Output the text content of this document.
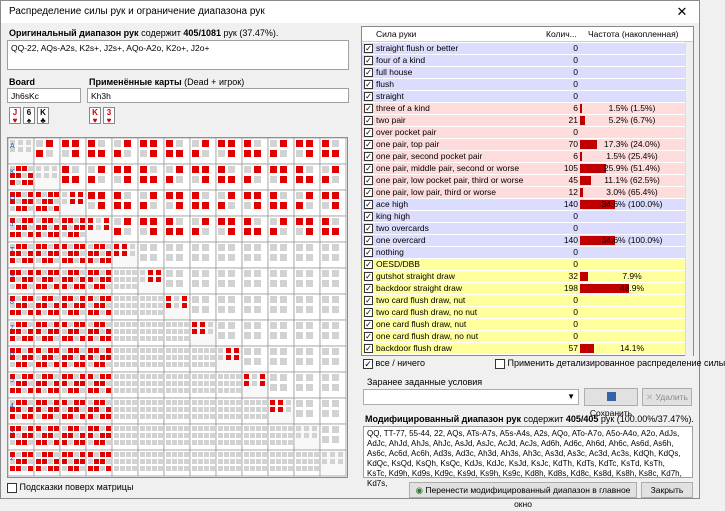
Распределение силы рук и ограничение диапазона рук	✕
Оригинальный диапазон рук содержит 405/1081 рук (37.47%).
QQ-22, AQs-A2s, K2s+, J2s+, AQo-A2o, K2o+, J2o+
Board
Jh6sKc
J
♥
6
♠
K
♣
Применённые карты (Dead + игрок)
Kh3h
K
♥
3
♥
A
K
Q
J
T
9
8
7
6
5
4
3
2
Подсказки поверх матрицы
Сила руки	Колич... Частота (накопленная)
✓ straight flush or better	0
✓ four of a kind	0
✓ full house	0
✓ flush	0
✓ straight	0
✓ three of a kind	6	1.5% (1.5%)
✓ two pair	21	5.2% (6.7%)
✓ over pocket pair	0
✓ one pair, top pair	70	17.3% (24.0%)
✓ one pair, second pocket pair	6	1.5% (25.4%)
✓ one pair, middle pair, second or worse	105	25.9% (51.4%)
✓ one pair, low pocket pair, third or worse	45	11.1% (62.5%)
✓ one pair, low pair, third or worse	12	3.0% (65.4%)
✓ ace high	140	34.6% (100.0%)
✓ king high	0
✓ two overcards	0
✓ one overcard	140	34.6% (100.0%)
✓ nothing	0
✓ OESD/DBB	0
✓ gutshot straight draw	32	7.9%
✓ backdoor straight draw	198	48.9%
✓ two card flush draw, nut	0
✓ two card flush draw, no nut	0
✓ one card flush draw, nut	0
✓ one card flush draw, no nut	0
✓ backdoor flush draw	57	14.1%
✓ все / ничего	Применить детализированное распределение силы
Заранее заданные условия
▼
Сохранить
✕ Удалить
Модифицированный диапазон рук содержит 405/405 рук (100.00%/37.47%).
QQ, TT-77, 55-44, 22, AQs, ATs-A7s, A5s-A4s, A2s, AQo, ATo-A7o, A5o-A4o, A2o, AdJs, AdJc, AhJd, AhJs, AhJc, AsJd, AsJc, AcJd, AcJs, Ad6h, Ad6c, Ah6d, Ah6c, As6d, As6h, As6c, Ac6d, Ac6h, Ad3s, Ad3c, Ah3d, Ah3s, Ah3c, As3d, As3c, Ac3d, Ac3s, KdQh, KdQs, KdQc, KsQd, KsQh, KsQc, KdJs, KdJc, KsJd, KsJc, KdTh, KdTs, KdTc, KsTd, KsTh, KsTc, Kd9h, Kd9s, Kd9c, Ks9d, Ks9h, Ks9c, Kd8h, Kd8s, Kd8c, Ks8d, Ks8h, Ks8c, Kd7h, Kd7s,
◉ Перенести модифицированный диапазон в главное окно
Закрыть
